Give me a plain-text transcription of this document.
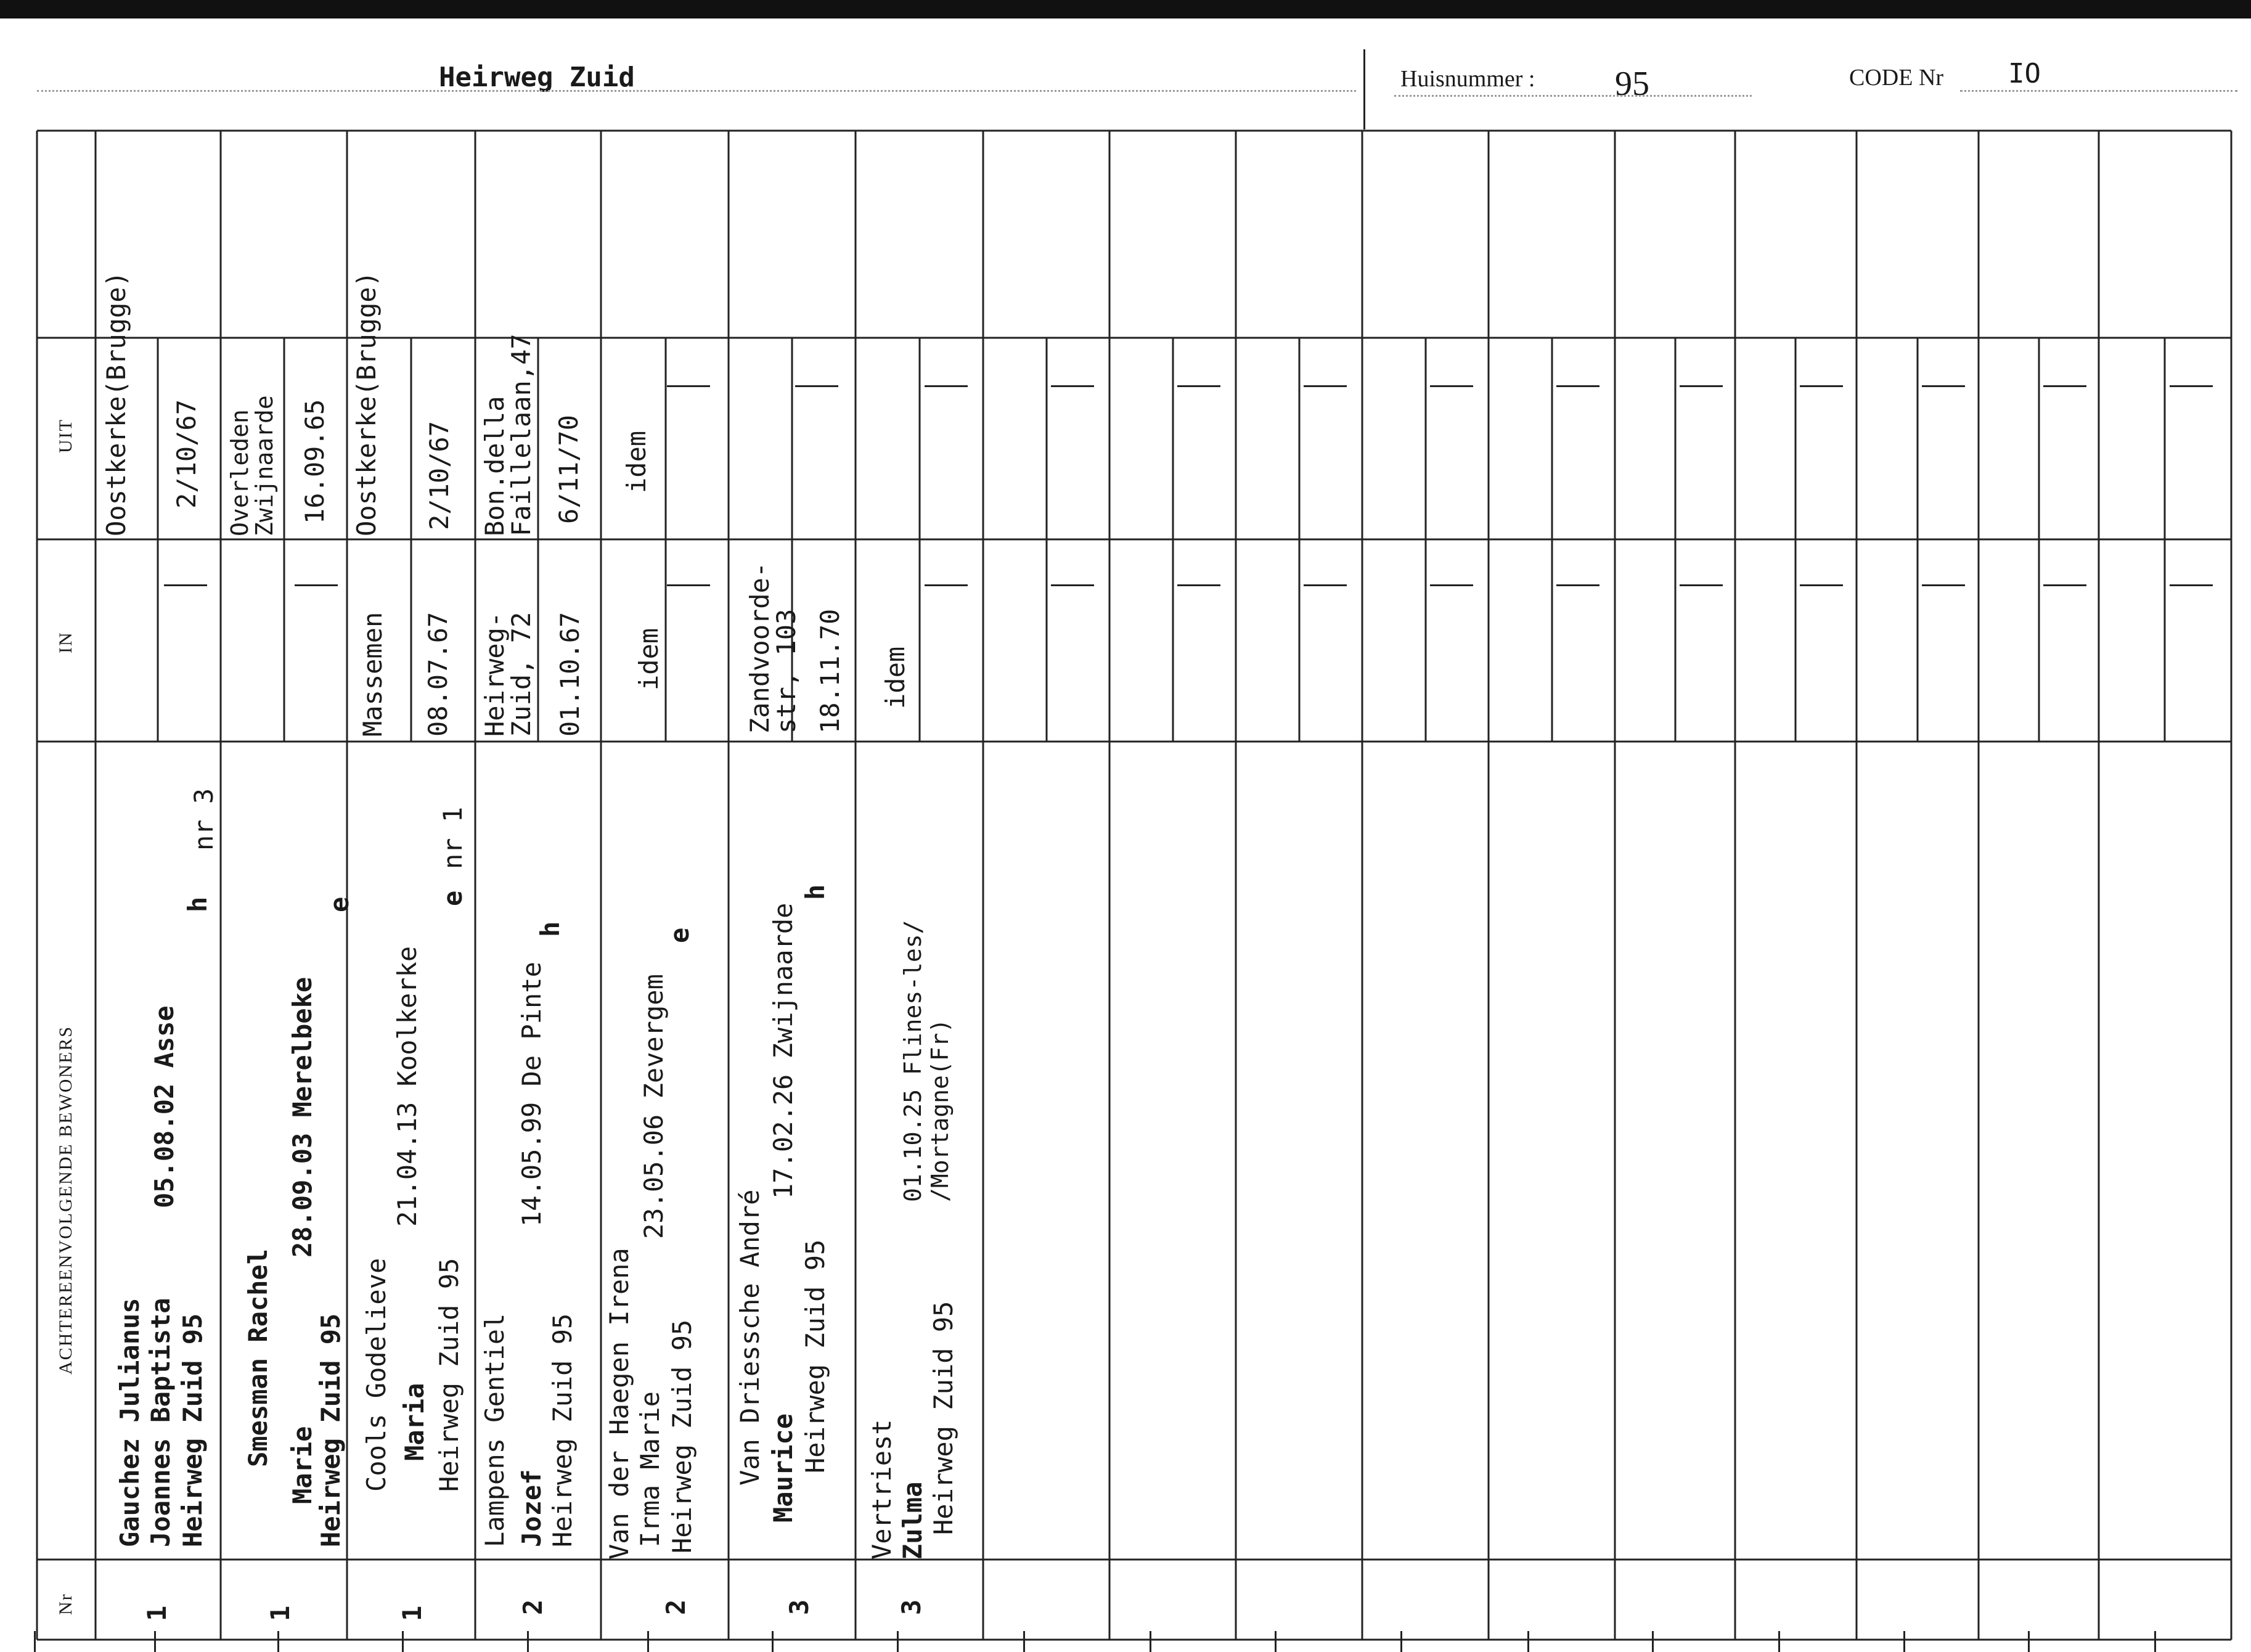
Heirweg Zuid	Huisnummer : 95	CODE Nr IO
UIT
IN
ACHTEREENVOLGENDE BEWONERS
Nr
Oostkerke(Brugge) 2/10/67
Gauchez Julianus Joannes Baptista Heirweg Zuid 95
05.08.02 Asse
h
nr 3
1
Overleden Zwijnaarde 16.09.65
Smesman Rachel Marie
Heirweg Zuid 95
28.09.03 Merelbeke
e
1
Oostkerke(Brugge) 2/10/67
Massemen 08.07.67
Cools Godelieve Maria Heirweg Zuid 95
21.04.13 Koolkerke
e
nr 1
1
Bon.della Faillelaan,47 6/11/70
Heirweg- Zuid, 72 01.10.67
Lampens Gentiel Jozef Heirweg Zuid 95
14.05.99 De Pinte
h
2
idem
idem
Van der Haegen Irena Irma Marie Heirweg Zuid 95
23.05.06 Zevergem
e
2
Zandvoorde- str, 103 18.11.70
Van Driessche André Maurice Heirweg Zuid 95
17.02.26 Zwijnaarde
h
3
idem
Vertriest Zulma Heirweg Zuid 95
01.10.25 Flines-les/ /Mortagne(Fr)
3
